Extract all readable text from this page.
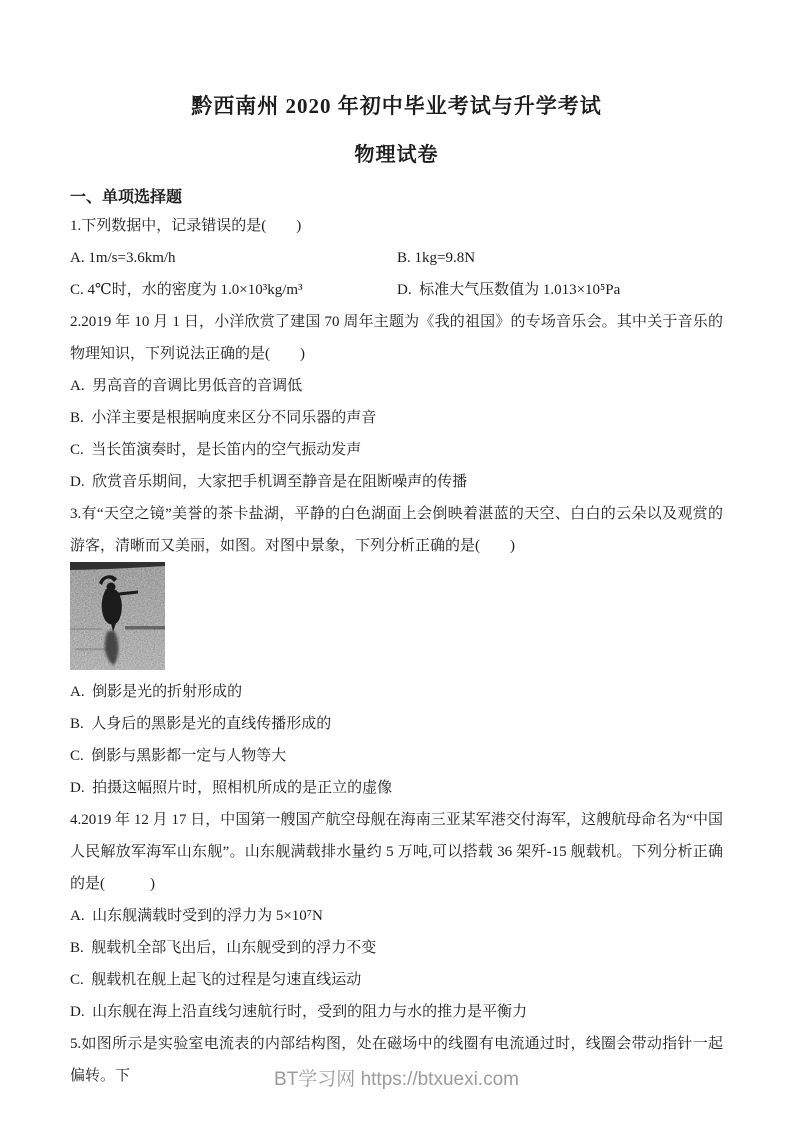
黔西南州 2020 年初中毕业考试与升学考试
物理试卷
一、单项选择题

1.下列数据中，记录错误的是(　　)

A. 1m/s=3.6km/h	B. 1kg=9.8N

C. 4℃时，水的密度为 1.0×10³kg/m³	D.  标准大气压数值为 1.013×10⁵Pa

2.2019 年 10 月 1 日，小洋欣赏了建国 70 周年主题为《我的祖国》的专场音乐会。其中关于音乐的物理知识，下列说法正确的是(　　)

A.  男高音的音调比男低音的音调低

B.  小洋主要是根据响度来区分不同乐器的声音

C.  当长笛演奏时，是长笛内的空气振动发声

D.  欣赏音乐期间，大家把手机调至静音是在阻断噪声的传播

3.有“天空之镜”美誉的茶卡盐湖，平静的白色湖面上会倒映着湛蓝的天空、白白的云朵以及观赏的游客，清晰而又美丽，如图。对图中景象，下列分析正确的是(　　)

A.  倒影是光的折射形成的

B.  人身后的黑影是光的直线传播形成的

C.  倒影与黑影都一定与人物等大

D.  拍摄这幅照片时，照相机所成的是正立的虚像

4.2019 年 12 月 17 日，中国第一艘国产航空母舰在海南三亚某军港交付海军，这艘航母命名为“中国人民解放军海军山东舰”。山东舰满载排水量约 5 万吨,可以搭载 36 架歼-15 舰载机。下列分析正确的是(　　　)

A.  山东舰满载时受到的浮力为 5×10⁷N

B.  舰载机全部飞出后，山东舰受到的浮力不变

C.  舰载机在舰上起飞的过程是匀速直线运动

D.  山东舰在海上沿直线匀速航行时，受到的阻力与水的推力是平衡力

5.如图所示是实验室电流表的内部结构图，处在磁场中的线圈有电流通过时，线圈会带动指针一起偏转。下	BT学习网 https://btxuexi.com
